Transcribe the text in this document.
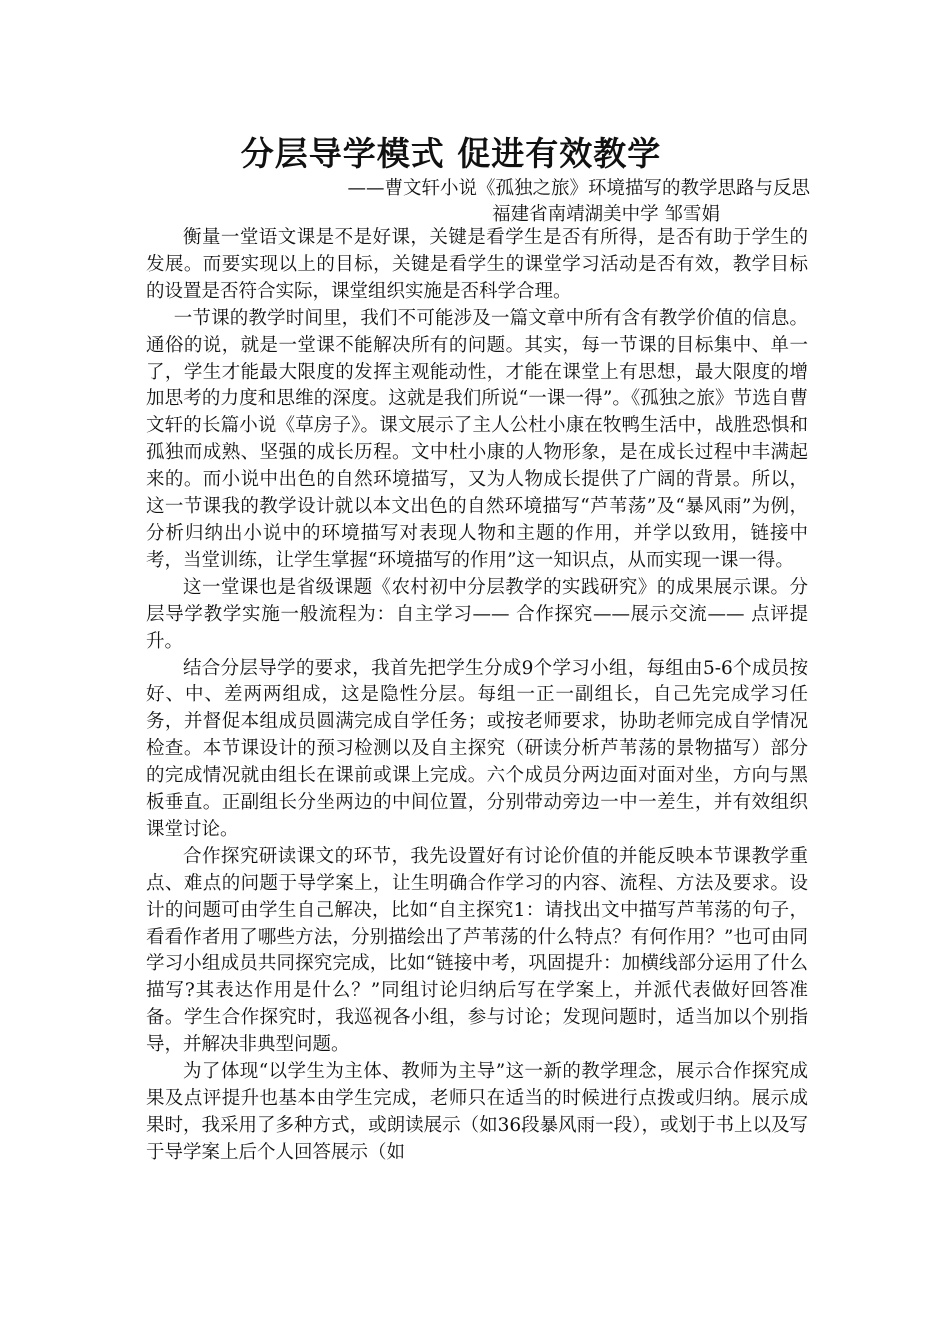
分层导学模式 促进有效教学
——曹文轩小说《孤独之旅》环境描写的教学思路与反思
福建省南靖湖美中学 邹雪娟

衡量一堂语文课是不是好课，关键是看学生是否有所得，是否有助于学生的发展。而要实现以上的目标，关键是看学生的课堂学习活动是否有效，教学目标的设置是否符合实际，课堂组织实施是否科学合理。

一节课的教学时间里，我们不可能涉及一篇文章中所有含有教学价值的信息。通俗的说，就是一堂课不能解决所有的问题。其实，每一节课的目标集中、单一了，学生才能最大限度的发挥主观能动性，才能在课堂上有思想，最大限度的增加思考的力度和思维的深度。这就是我们所说“一课一得”。《孤独之旅》节选自曹文轩的长篇小说《草房子》。课文展示了主人公杜小康在牧鸭生活中，战胜恐惧和孤独而成熟、坚强的成长历程。文中杜小康的人物形象，是在成长过程中丰满起来的。而小说中出色的自然环境描写，又为人物成长提供了广阔的背景。所以，这一节课我的教学设计就以本文出色的自然环境描写“芦苇荡”及“暴风雨”为例，分析归纳出小说中的环境描写对表现人物和主题的作用，并学以致用，链接中考，当堂训练，让学生掌握“环境描写的作用”这一知识点，从而实现一课一得。

这一堂课也是省级课题《农村初中分层教学的实践研究》的成果展示课。分层导学教学实施一般流程为：自主学习—— 合作探究——展示交流—— 点评提升。

结合分层导学的要求，我首先把学生分成9个学习小组，每组由5-6个成员按好、中、差两两组成，这是隐性分层。每组一正一副组长，自己先完成学习任务，并督促本组成员圆满完成自学任务；或按老师要求，协助老师完成自学情况检查。本节课设计的预习检测以及自主探究（研读分析芦苇荡的景物描写）部分的完成情况就由组长在课前或课上完成。六个成员分两边面对面对坐，方向与黑板垂直。正副组长分坐两边的中间位置，分别带动旁边一中一差生，并有效组织课堂讨论。

合作探究研读课文的环节，我先设置好有讨论价值的并能反映本节课教学重点、难点的问题于导学案上，让生明确合作学习的内容、流程、方法及要求。设计的问题可由学生自己解决，比如“自主探究1：请找出文中描写芦苇荡的句子，看看作者用了哪些方法，分别描绘出了芦苇荡的什么特点？有何作用？”也可由同学习小组成员共同探究完成，比如“链接中考，巩固提升：加横线部分运用了什么描写?其表达作用是什么？”同组讨论归纳后写在学案上，并派代表做好回答准备。学生合作探究时，我巡视各小组，参与讨论；发现问题时，适当加以个别指导，并解决非典型问题。

为了体现“以学生为主体、教师为主导”这一新的教学理念，展示合作探究成果及点评提升也基本由学生完成，老师只在适当的时候进行点拨或归纳。展示成果时，我采用了多种方式，或朗读展示（如36段暴风雨一段），或划于书上以及写于导学案上后个人回答展示（如
